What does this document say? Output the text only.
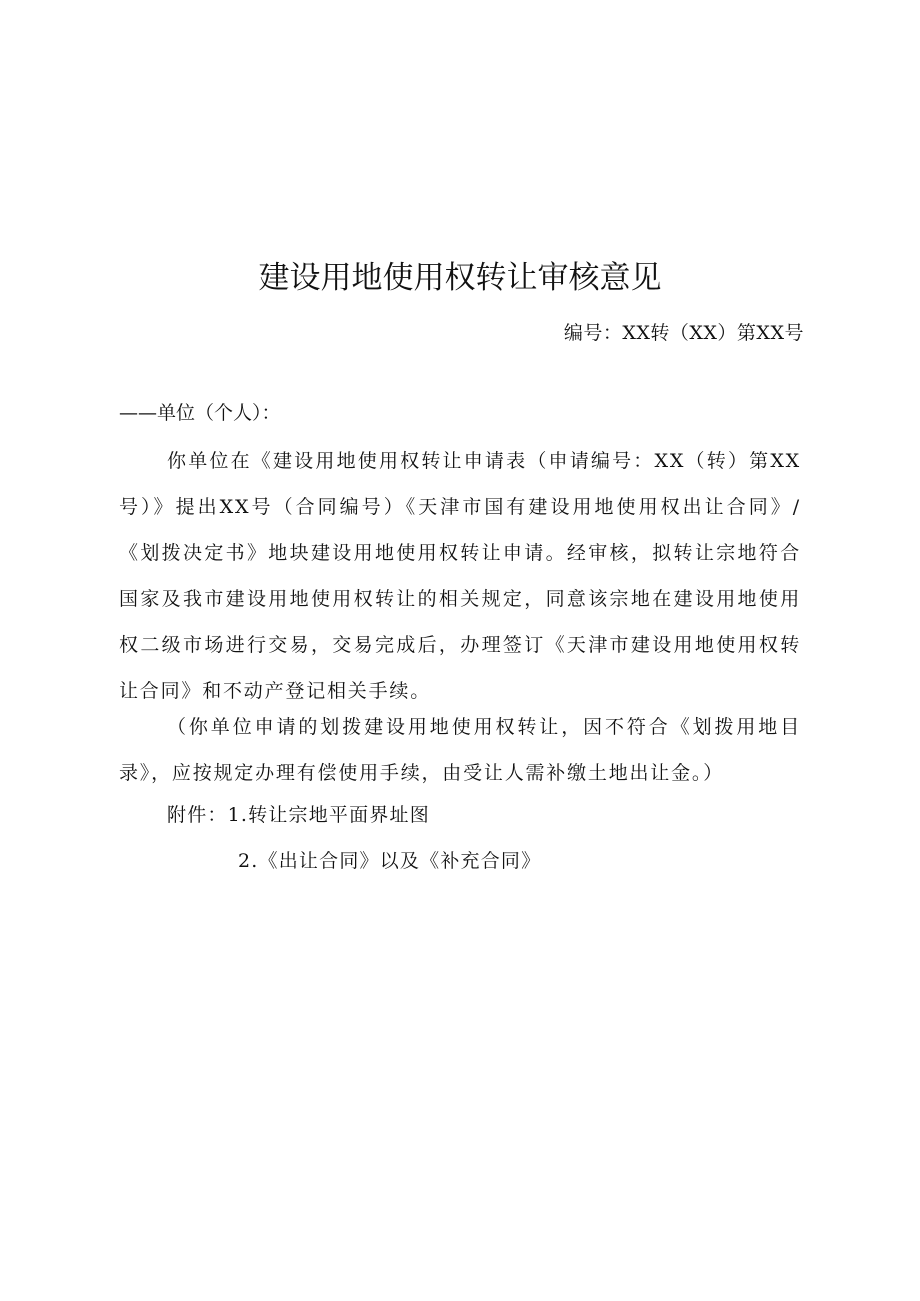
建设用地使用权转让审核意见
编号：XX转（XX）第XX号
——单位（个人）：

你单位在《建设用地使用权转让申请表（申请编号：XX（转）第XX号）》提出XX号（合同编号）《天津市国有建设用地使用权出让合同》/《划拨决定书》地块建设用地使用权转让申请。经审核，拟转让宗地符合国家及我市建设用地使用权转让的相关规定，同意该宗地在建设用地使用权二级市场进行交易，交易完成后，办理签订《天津市建设用地使用权转让合同》和不动产登记相关手续。

（你单位申请的划拨建设用地使用权转让，因不符合《划拨用地目录》，应按规定办理有偿使用手续，由受让人需补缴土地出让金。）

附件：1.转让宗地平面界址图
2.《出让合同》以及《补充合同》
